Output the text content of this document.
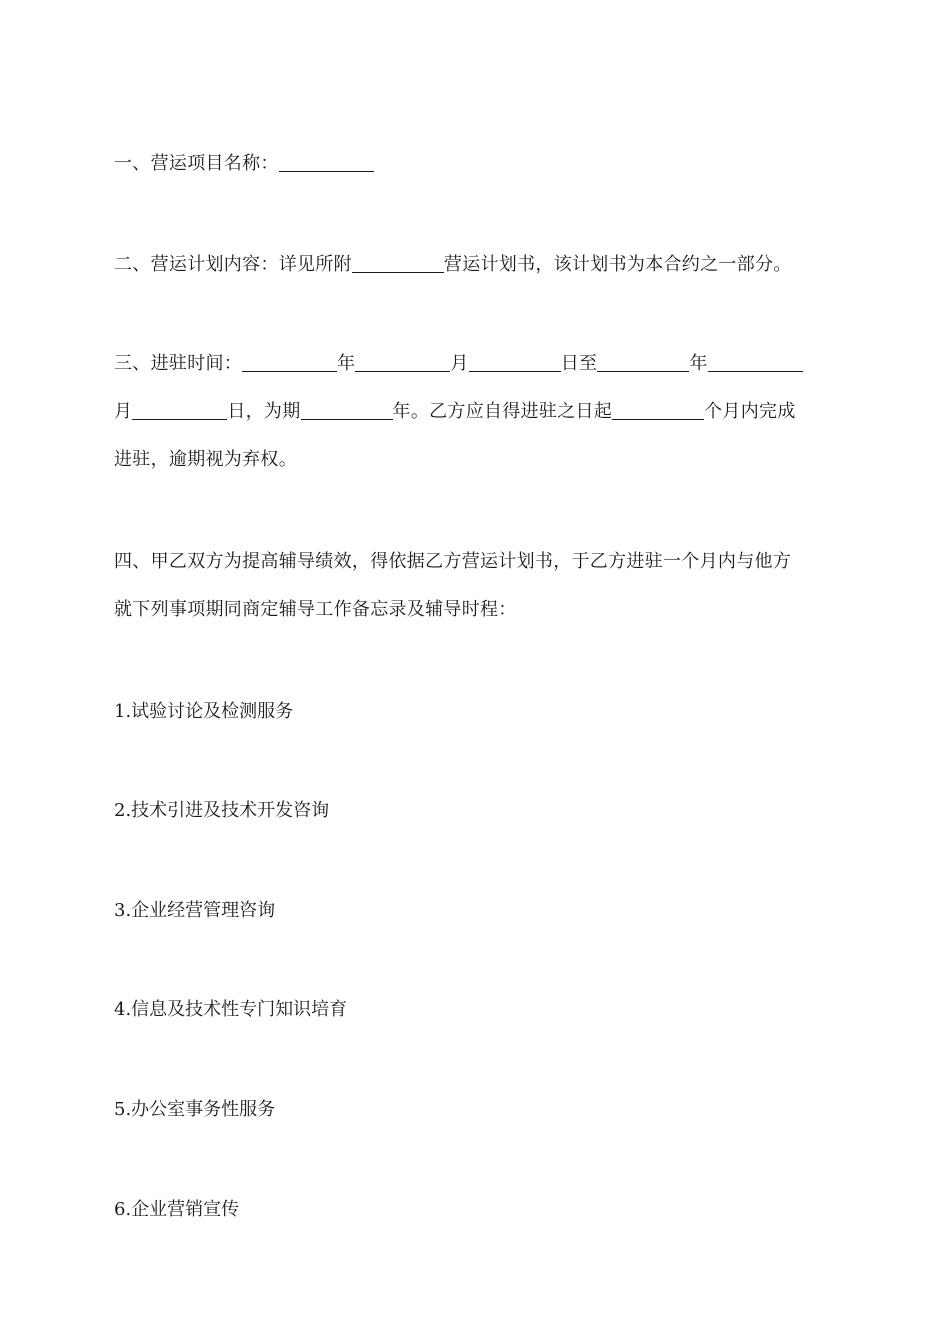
一、营运项目名称：
二、营运计划内容：详见所附	营运计划书，该计划书为本合约之一部分。
三、进驻时间：	年	月	日至	年
月	日，为期	年。乙方应自得进驻之日起	个月内完成
进驻，逾期视为弃权。
四、甲乙双方为提高辅导绩效，得依据乙方营运计划书，于乙方进驻一个月内与他方
就下列事项期同商定辅导工作备忘录及辅导时程：
1.试验讨论及检测服务
2.技术引进及技术开发咨询
3.企业经营管理咨询
4.信息及技术性专门知识培育
5.办公室事务性服务
6.企业营销宣传
